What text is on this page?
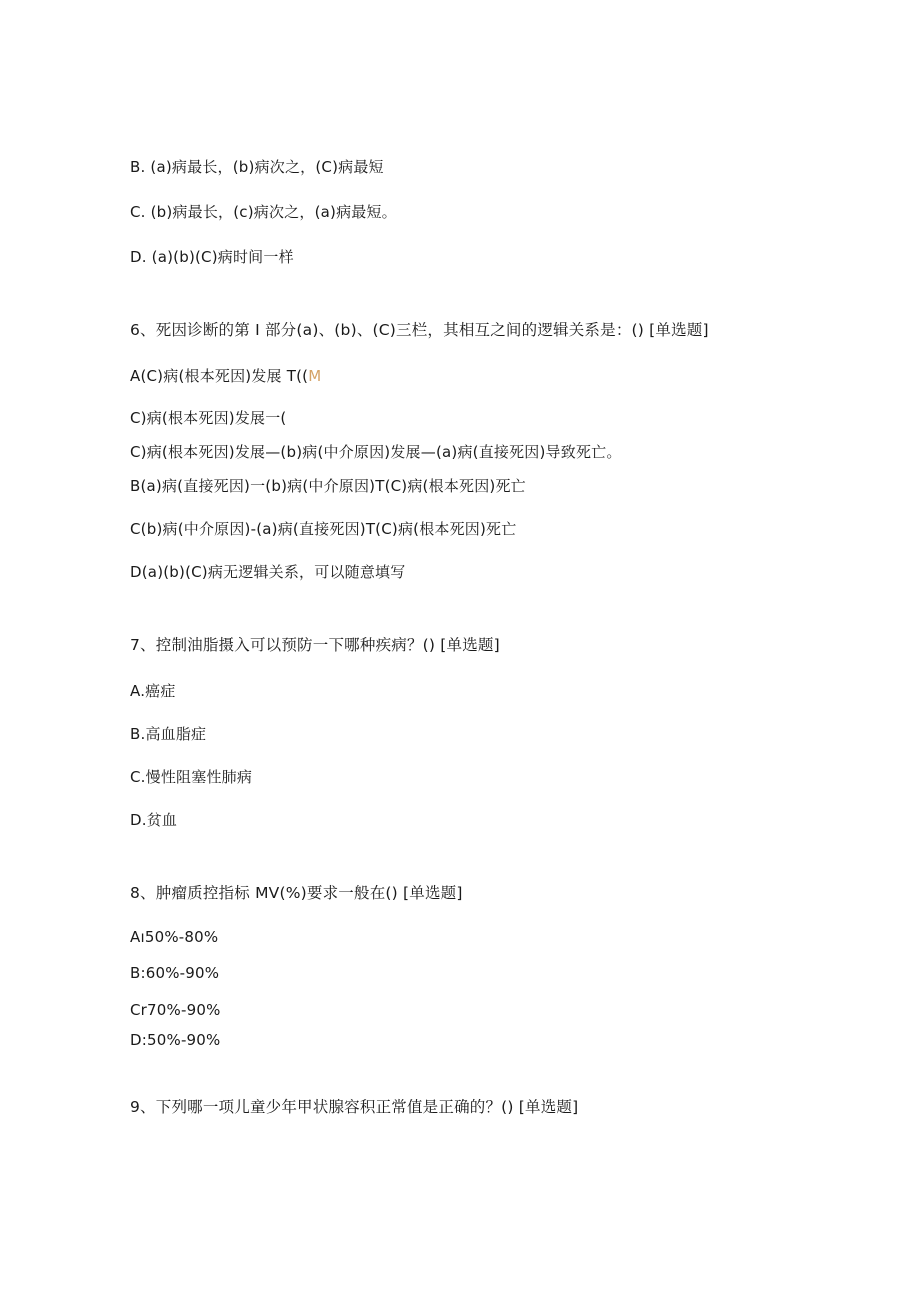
B. (a)病最长，(b)病次之，(C)病最短
C. (b)病最长，(c)病次之，(a)病最短。
D. (a)(b)(C)病时间一样
6、死因诊断的第 I 部分(a)、(b)、(C)三栏，其相互之间的逻辑关系是：() [单选题]
A(C)病(根本死因)发展 T((M
C)病(根本死因)发展一(
C)病(根本死因)发展—(b)病(中介原因)发展—(a)病(直接死因)导致死亡。
B(a)病(直接死因)一(b)病(中介原因)T(C)病(根本死因)死亡
C(b)病(中介原因)-(a)病(直接死因)T(C)病(根本死因)死亡
D(a)(b)(C)病无逻辑关系，可以随意填写
7、控制油脂摄入可以预防一下哪种疾病？() [单选题]
A.癌症
B.高血脂症
C.慢性阻塞性肺病
D.贫血
8、肿瘤质控指标 MV(%)要求一般在() [单选题]
Aı50%-80%
B:60%-90%
Cr70%-90%
D:50%-90%
9、下列哪一项儿童少年甲状腺容积正常值是正确的？() [单选题]
